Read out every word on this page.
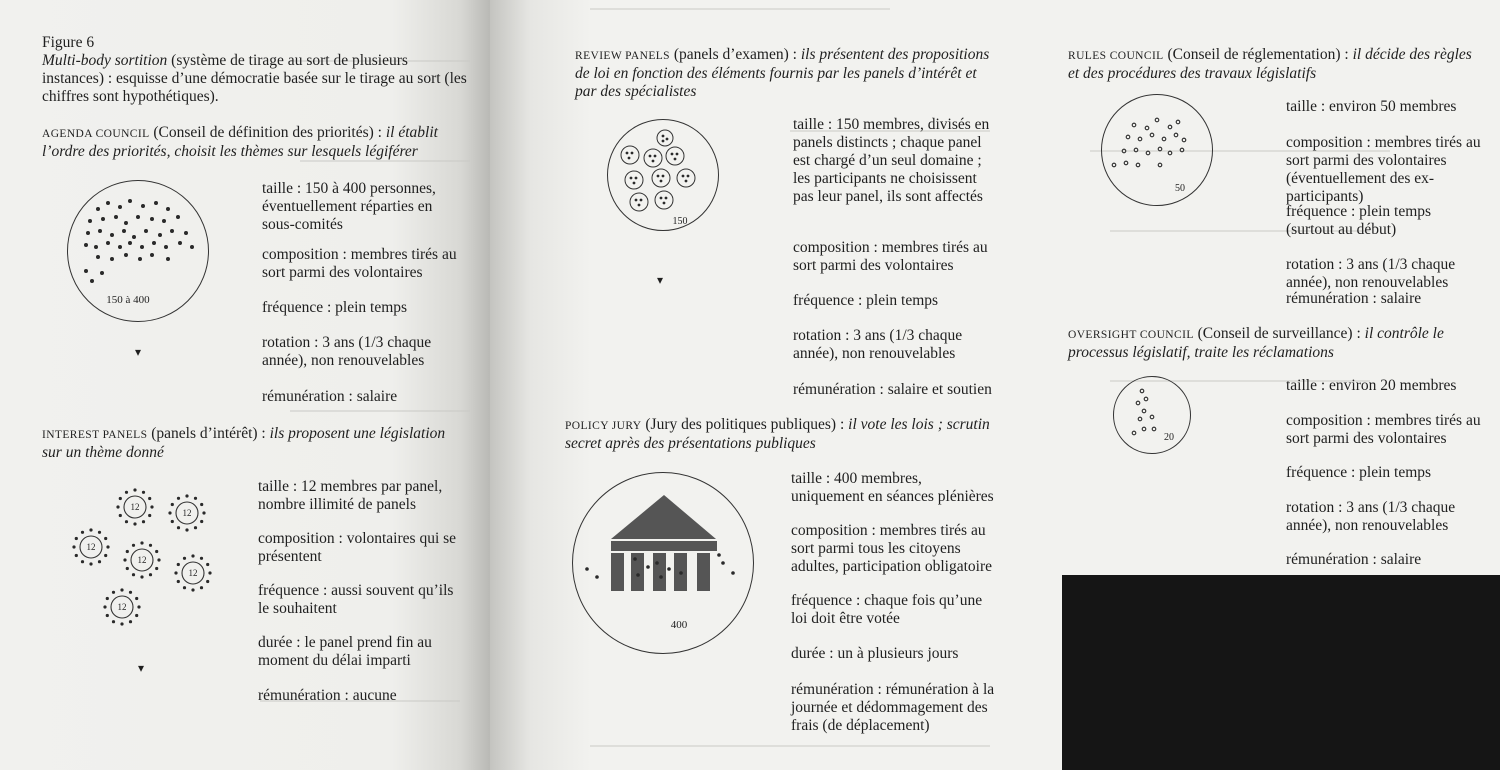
Figure 6
Multi-body sortition (système de tirage au sort de plusieurs instances) : esquisse d’une démocratie basée sur le tirage au sort (les chiffres sont hypothétiques).
AGENDA COUNCIL (Conseil de définition des priorités) : il établit l’ordre des priorités, choisit les thèmes sur lesquels légiférer
150 à 400
▾
taille : 150 à 400 personnes, éventuellement réparties en sous-comités
composition : membres tirés au sort parmi des volontaires
fréquence : plein temps
rotation : 3 ans (1/3 chaque année), non renouvelables
rémunération : salaire
INTEREST PANELS (panels d’intérêt) : ils proposent une législation sur un thème donné
12
12
12
12
12
12
▾
taille : 12 membres par panel, nombre illimité de panels
composition : volontaires qui se présentent
fréquence : aussi souvent qu’ils le souhaitent
durée : le panel prend fin au moment du délai imparti
rémunération : aucune
REVIEW PANELS (panels d’examen) : ils présentent des propositions de loi en fonction des éléments fournis par les panels d’intérêt et par des spécialistes
150
▾
taille : 150 membres, divisés en panels distincts ; chaque panel est chargé d’un seul domaine ; les participants ne choisissent pas leur panel, ils sont affectés
composition : membres tirés au sort parmi des volontaires
fréquence : plein temps
rotation : 3 ans (1/3 chaque année), non renouvelables
rémunération : salaire et soutien
POLICY JURY (Jury des politiques publiques) : il vote les lois ; scrutin secret après des présentations publiques
400
taille : 400 membres, uniquement en séances plénières
composition : membres tirés au sort parmi tous les citoyens adultes, participation obligatoire
fréquence : chaque fois qu’une loi doit être votée
durée : un à plusieurs jours
rémunération : rémunération à la journée et dédommagement des frais (de déplacement)
RULES COUNCIL (Conseil de réglementation) : il décide des règles et des procédures des travaux législatifs
50
taille : environ 50 membres
composition : membres tirés au sort parmi des volontaires (éventuellement des ex-participants)
fréquence : plein temps (surtout au début)
rotation : 3 ans (1/3 chaque année), non renouvelables
rémunération : salaire
OVERSIGHT COUNCIL (Conseil de surveillance) : il contrôle le processus législatif, traite les réclamations
20
taille : environ 20 membres
composition : membres tirés au sort parmi des volontaires
fréquence : plein temps
rotation : 3 ans (1/3 chaque année), non renouvelables
rémunération : salaire
